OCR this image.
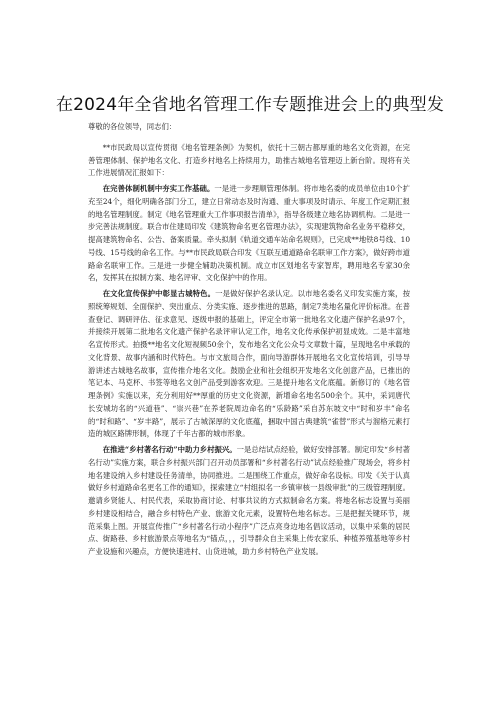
在2024年全省地名管理工作专题推进会上的典型发

尊敬的各位领导，同志们：

**市民政局以宣传贯彻《地名管理条例》为契机，依托十三朝古都厚重的地名文化资源，在完善管理体制、保护地名文化、打造乡村地名上持续用力，助推古城地名管理迈上新台阶。现将有关工作进展情况汇报如下：

在完善体制机制中夯实工作基础。一是进一步理顺管理体制。将市地名委的成员单位由10个扩充至24个，细化明确各部门分工，建立日常动态及时沟通、重大事项及时请示、年度工作定期汇报的地名管理制度。制定《地名管理重大工作事项报告清单》，指导各级建立地名协调机构。二是进一步完善法规制度。联合市住建局印发《建筑物命名更名管理办法》，实现建筑物命名业务平稳移交，提高建筑物命名、公告、备案质量。牵头拟制《轨道交通车站命名规则》，已完成**地铁8号线、10号线、15号线的命名工作。与**市民政局联合印发《互联互通道路命名联审工作方案》，做好跨市道路命名联审工作。三是进一步健全辅助决策机制。成立市区划地名专家智库，聘用地名专家30余名，发挥其在拟制方案、地名评审、文化保护中的作用。

在文化宣传保护中彰显古城特色。一是做好保护名录认定。以市地名委名义印发实施方案，按照统筹规划、全面保护、突出重点、分类实施、逐步推进的思路，制定7类地名量化评价标准。在普查登记、调研评估、征求意见、逐级申报的基础上，评定全市第一批地名文化遗产保护名录97个，并接续开展第二批地名文化遗产保护名录评审认定工作，地名文化传承保护初显成效。二是丰富地名宣传形式。拍摄**地名文化短视频50余个，发布地名文化公众号文章数十篇，呈现地名中承载的文化背景、故事内涵和时代特色。与市文旅局合作，面向导游群体开展地名文化宣传培训，引导导游讲述古城地名故事，宣传推介地名文化。鼓励企业和社会组织开发地名文化创意产品，已推出的笔记本、马克杯、书签等地名文创产品受到游客欢迎。三是提升地名文化底蕴。新修订的《地名管理条例》实施以来，充分利用好**厚重的历史文化资源，新增命名地名500余个。其中，采词唐代长安城坊名的“兴道巷”、“崇兴巷”在养老院周边命名的“乐龄路”采自苏东坡文中“时和岁丰”命名的“时和路”、“岁丰路”，展示了古城深厚的文化底蕴，捆取中国古典建筑“雀替”形式与溜格元素打造的城区路牌形制，体现了千年古都的城市形象。

在推进“乡村著名行动”中助力乡村振兴。一是总结试点经验，做好安排部署。制定印发“乡村著名行动”实施方案，联合乡村振兴部门召开动员部署和“乡村著名行动”试点经验推广现场会，将乡村地名建设纳入乡村建设任务清单，协同推进。二是围绕工作重点，做好命名设标。印发《关于认真做好乡村道路命名更名工作的通知》，探索建立“村组拟名一乡镇审核一县级审批”的三级管理制度。邀请乡贤能人、村民代表，采取协商讨论、村事共议的方式拟制命名方案。将地名标志设置与美丽乡村建设相结合，融合乡村特色产业、旅游文化元素，设置特色地名标志。三是把握关键环节，规范采集上图。开展宣传推广“乡村著名行动小程序”广泛点亮身边地名倡议活动，以集中采集的居民点、街路巷、乡村旅游景点等地名为“锚点，，，引导群众自主采集上传农家乐、种植养殖基地等乡村产业设施和兴趣点，方便快速进村、山货进城，助力乡村特色产业发展。
